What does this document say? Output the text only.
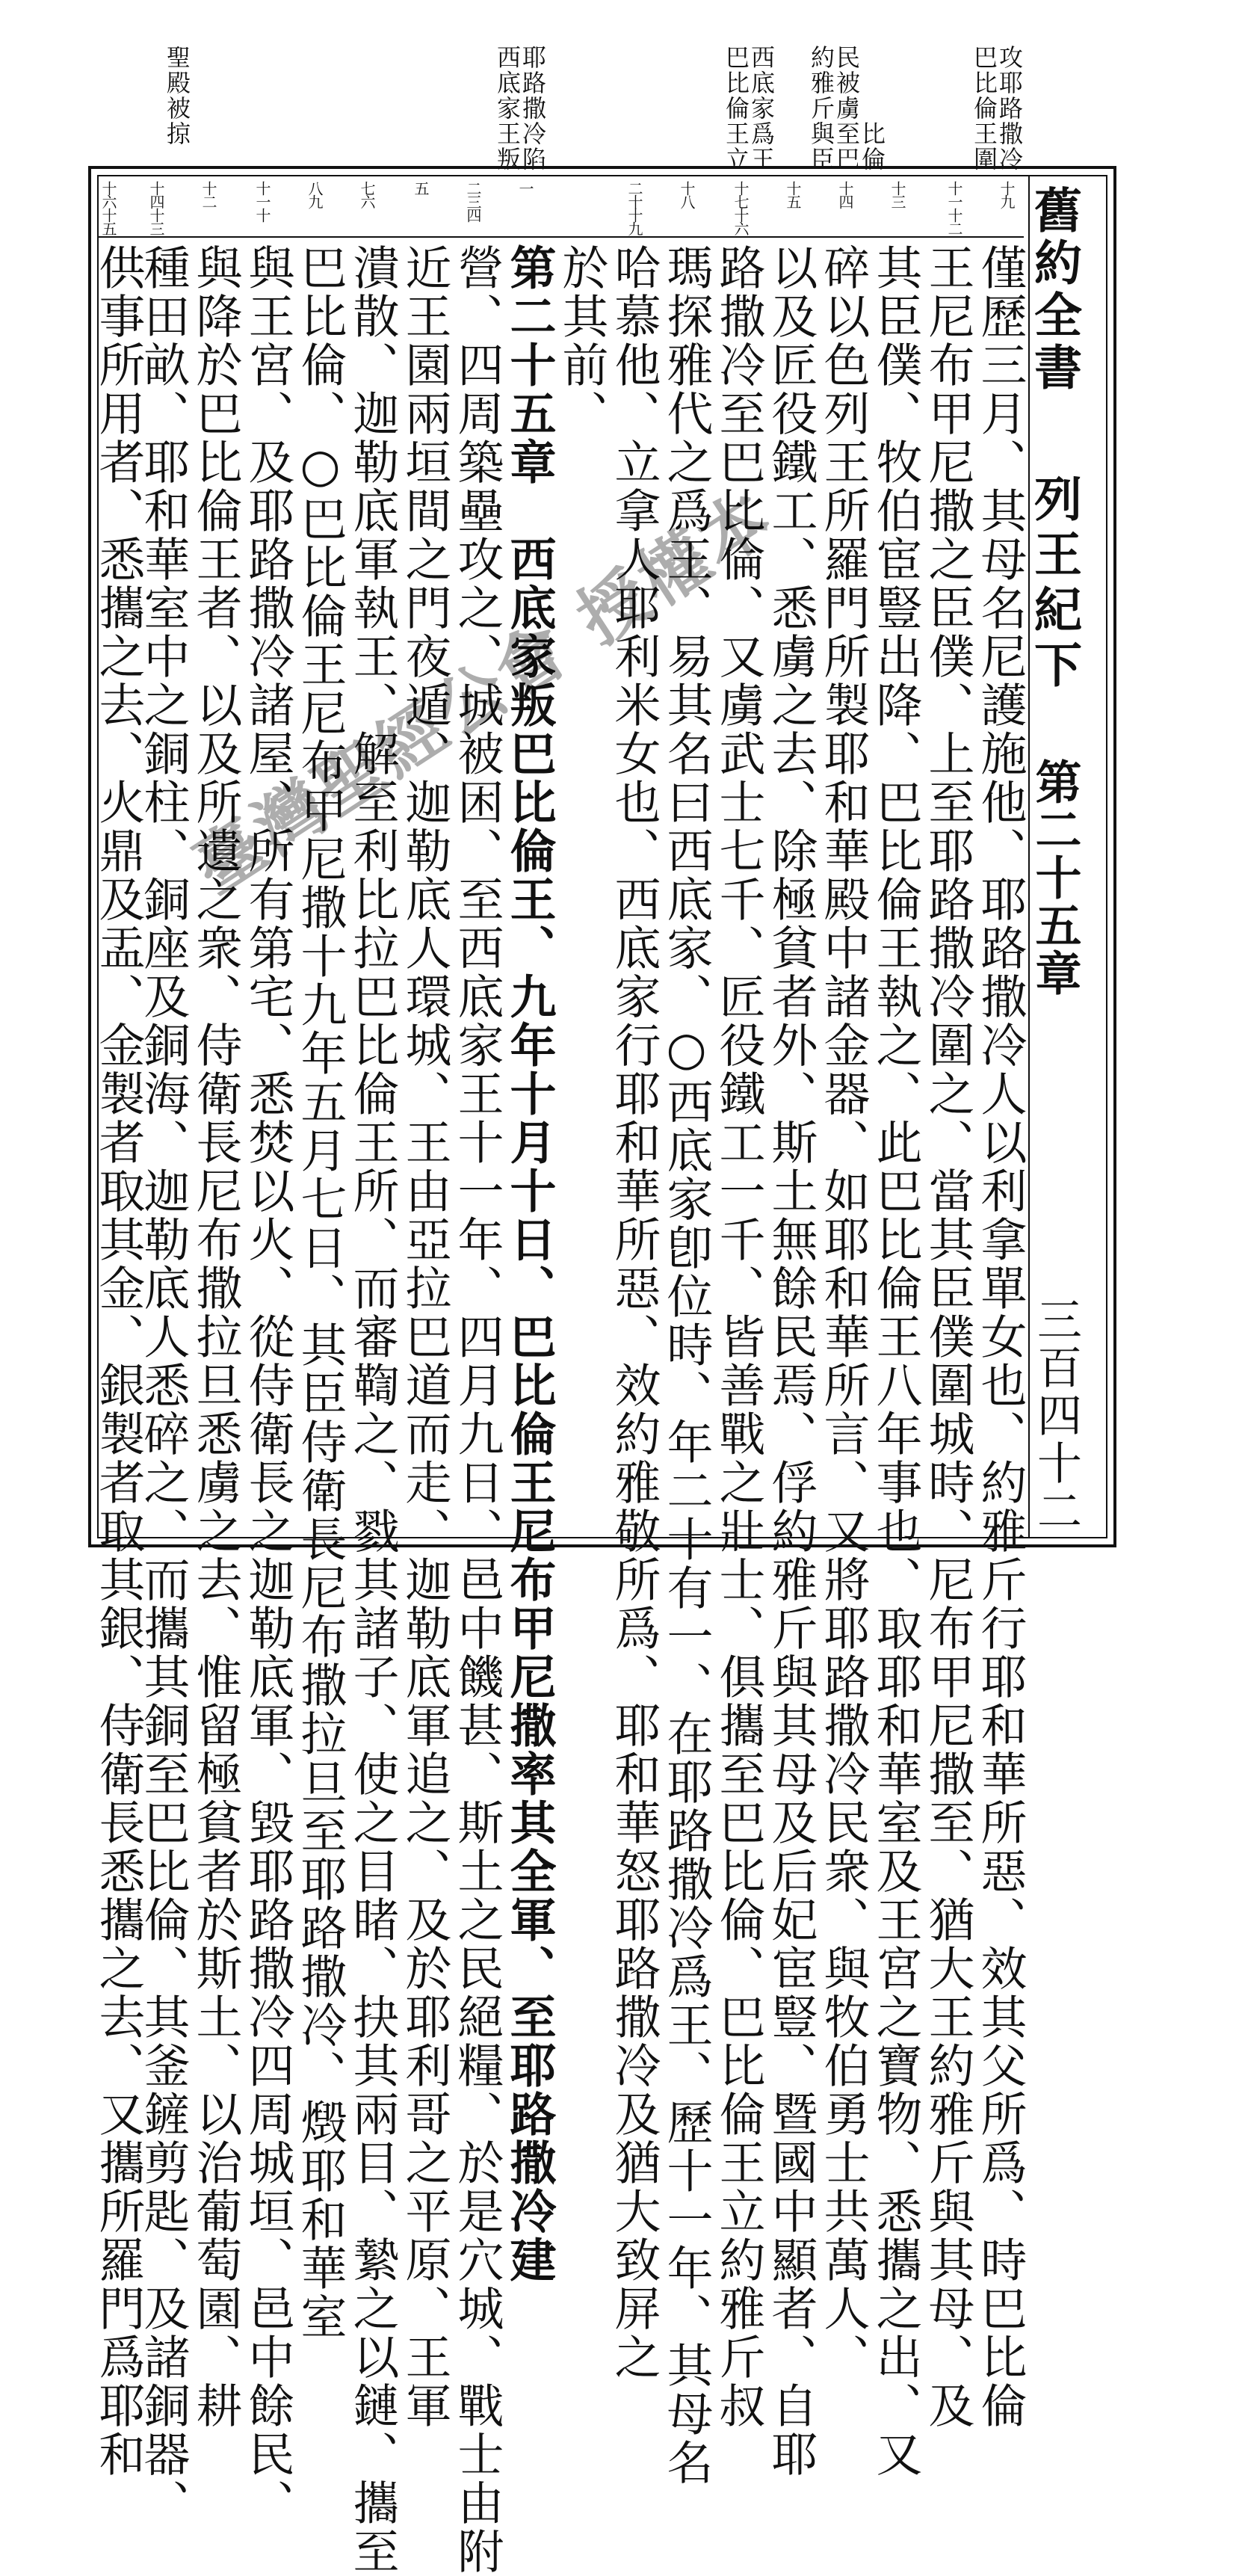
巴比倫王圍攻耶路撒冷
約雅斤與臣民被虜至巴比倫
巴比倫王立西底家爲王
西底家王叛耶路撒冷陷
聖殿被掠
舊約全書
列王紀下
第二十五章
三百四十二
十九
十一十二
十三
十四
十五
十七十六
十八
二十十九
一
二三四
五
七六
八九
十一十
十二
十四十三
十六十五
僅歷三月、其母名尼護施他、耶路撒冷人以利拿單女也、約雅斤行耶和華所惡、效其父所爲、時巴比倫
王尼布甲尼撒之臣僕、上至耶路撒冷圍之、當其臣僕圍城時、尼布甲尼撒至、猶大王約雅斤與其母、及
其臣僕、牧伯宦豎出降、巴比倫王執之、此巴比倫王八年事也、取耶和華室及王宮之寶物、悉攜之出、又
碎以色列王所羅門所製耶和華殿中諸金器、如耶和華所言、又將耶路撒冷民衆、與牧伯勇士共萬人、
以及匠役鐵工、悉虜之去、除極貧者外、斯土無餘民焉、俘約雅斤與其母及后妃宦豎、暨國中顯者、自耶
路撒冷至巴比倫、又虜武士七千、匠役鐵工一千、皆善戰之壯士、俱攜至巴比倫、巴比倫王立約雅斤叔
瑪探雅代之爲王、易其名曰西底家、○西底家卽位時、年二十有一、在耶路撒冷爲王、歷十一年、其母名
哈慕他、立拿人耶利米女也、西底家行耶和華所惡、效約雅敬所爲、耶和華怒耶路撒冷及猶大致屏之
於其前、
第二十五章　西底家叛巴比倫王、九年十月十日、巴比倫王尼布甲尼撒率其全軍、至耶路撒冷建
營、四周築壘攻之、城被困、至西底家王十一年、四月九日、邑中饑甚、斯土之民絕糧、於是穴城、戰士由附
近王園兩垣間之門夜遁、迦勒底人環城、王由亞拉巴道而走、迦勒底軍追之、及於耶利哥之平原、王軍
潰散、迦勒底軍執王、解至利比拉巴比倫王所、而審鞫之、戮其諸子、使之目睹、抉其兩目、縶之以鏈、攜至
巴比倫、○巴比倫王尼布甲尼撒十九年五月七日、其臣侍衛長尼布撒拉旦至耶路撒冷、燬耶和華室
與王宮、及耶路撒冷諸屋、所有第宅、悉焚以火、從侍衛長之迦勒底軍、毀耶路撒冷四周城垣、邑中餘民、
與降於巴比倫王者、以及所遺之衆、侍衛長尼布撒拉旦悉虜之去、惟留極貧者於斯土、以治葡萄園、耕
種田畝、耶和華室中之銅柱、銅座及銅海、迦勒底人悉碎之、而攜其銅至巴比倫、其釜鏟剪匙、及諸銅器、
供事所用者、悉攜之去、火鼎及盂、金製者取其金、銀製者取其銀、侍衛長悉攜之去、又攜所羅門爲耶和 臺灣聖經公會 授權本
